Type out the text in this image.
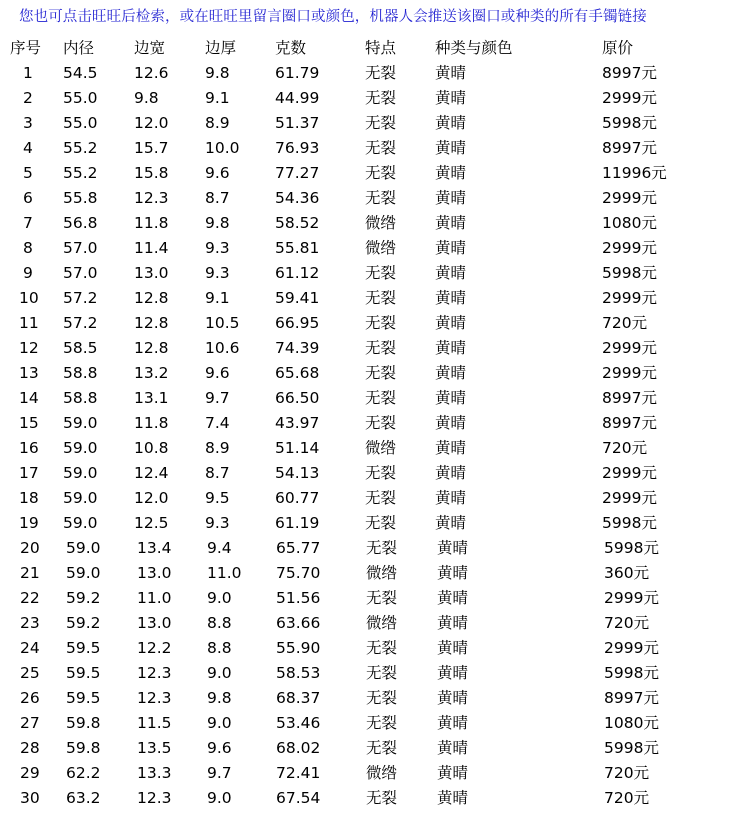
您也可点击旺旺后检索，或在旺旺里留言圈口或颜色，机器人会推送该圈口或种类的所有手镯链接
序号 内径	边宽	边厚	克数	特点	种类与颜色	原价
1 54.5 12.6 9.8	61.79	无裂	黄晴	8997元
2 55.0 9.8	9.1	44.99	无裂	黄晴	2999元
3 55.0 12.0 8.9	51.37	无裂	黄晴	5998元
4 55.2 15.7 10.0 76.93	无裂	黄晴	8997元
5 55.2 15.8 9.6	77.27	无裂	黄晴	11996元
6 55.8 12.3 8.7	54.36	无裂	黄晴	2999元
7 56.8 11.8 9.8	58.52	微绺	黄晴	1080元
8 57.0 11.4 9.3	55.81	微绺	黄晴	2999元
9 57.0 13.0 9.3	61.12	无裂	黄晴	5998元
10 57.2 12.8 9.1	59.41	无裂	黄晴	2999元
11 57.2 12.8 10.5 66.95	无裂	黄晴	720元
12 58.5 12.8 10.6 74.39	无裂	黄晴	2999元
13 58.8 13.2 9.6	65.68	无裂	黄晴	2999元
14 58.8 13.1 9.7	66.50	无裂	黄晴	8997元
15 59.0 11.8 7.4	43.97	无裂	黄晴	8997元
16 59.0 10.8 8.9	51.14	微绺	黄晴	720元
17 59.0 12.4 8.7	54.13	无裂	黄晴	2999元
18 59.0 12.0 9.5	60.77	无裂	黄晴	2999元
19 59.0 12.5 9.3	61.19	无裂	黄晴	5998元
20 59.0 13.4 9.4	65.77	无裂	黄晴	5998元
21 59.0 13.0 11.0 75.70	微绺	黄晴	360元
22 59.2 11.0 9.0	51.56	无裂	黄晴	2999元
23 59.2 13.0 8.8	63.66	微绺	黄晴	720元
24 59.5 12.2 8.8	55.90	无裂	黄晴	2999元
25 59.5 12.3 9.0	58.53	无裂	黄晴	5998元
26 59.5 12.3 9.8	68.37	无裂	黄晴	8997元
27 59.8 11.5 9.0	53.46	无裂	黄晴	1080元
28 59.8 13.5 9.6	68.02	无裂	黄晴	5998元
29 62.2 13.3 9.7	72.41	微绺	黄晴	720元
30 63.2 12.3 9.0	67.54	无裂	黄晴	720元
